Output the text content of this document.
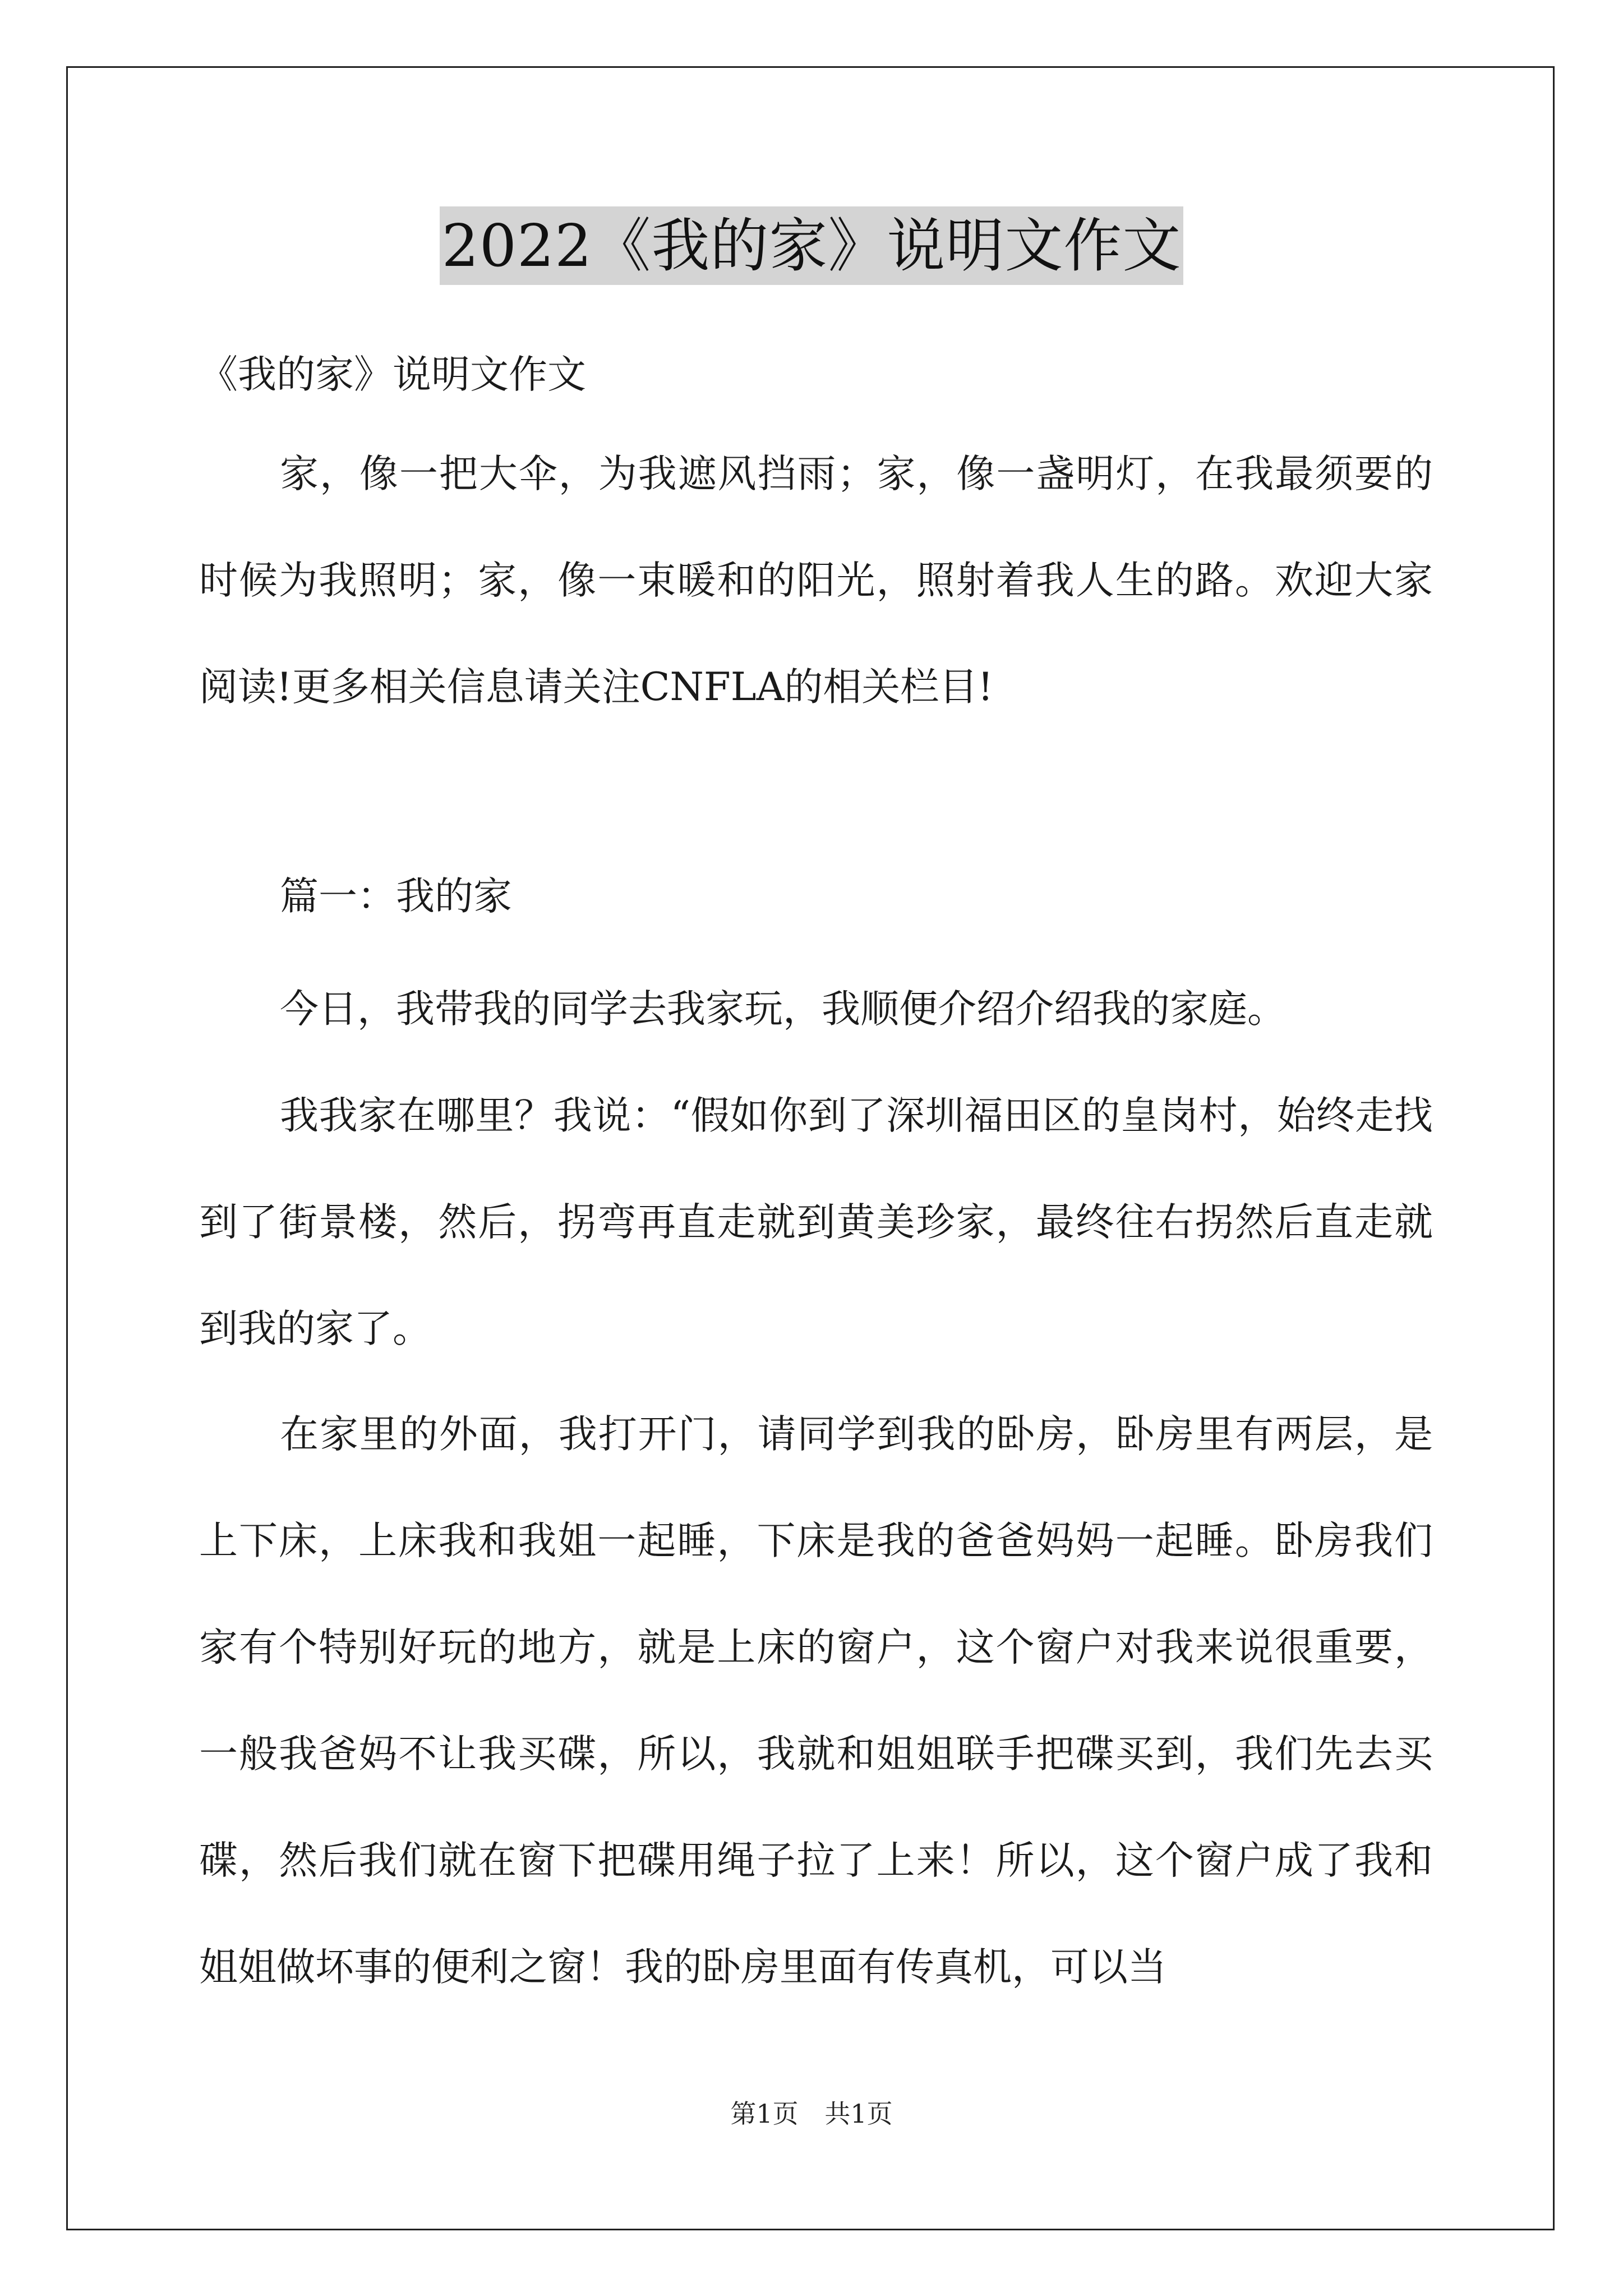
2022《我的家》说明文作文
《我的家》说明文作文

家，像一把大伞，为我遮风挡雨；家，像一盏明灯，在我最须要的时候为我照明；家，像一束暖和的阳光，照射着我人生的路。欢迎大家阅读!更多相关信息请关注CNFLA的相关栏目!

篇一：我的家

今日，我带我的同学去我家玩，我顺便介绍介绍我的家庭。

我我家在哪里？我说：“假如你到了深圳福田区的皇岗村，始终走找到了街景楼，然后，拐弯再直走就到黄美珍家，最终往右拐然后直走就到我的家了。

在家里的外面，我打开门，请同学到我的卧房，卧房里有两层，是上下床，上床我和我姐一起睡，下床是我的爸爸妈妈一起睡。卧房我们家有个特别好玩的地方，就是上床的窗户，这个窗户对我来说很重要，一般我爸妈不让我买碟，所以，我就和姐姐联手把碟买到，我们先去买碟，然后我们就在窗下把碟用绳子拉了上来！所以，这个窗户成了我和姐姐做坏事的便利之窗！我的卧房里面有传真机，可以当

第1页 共1页
